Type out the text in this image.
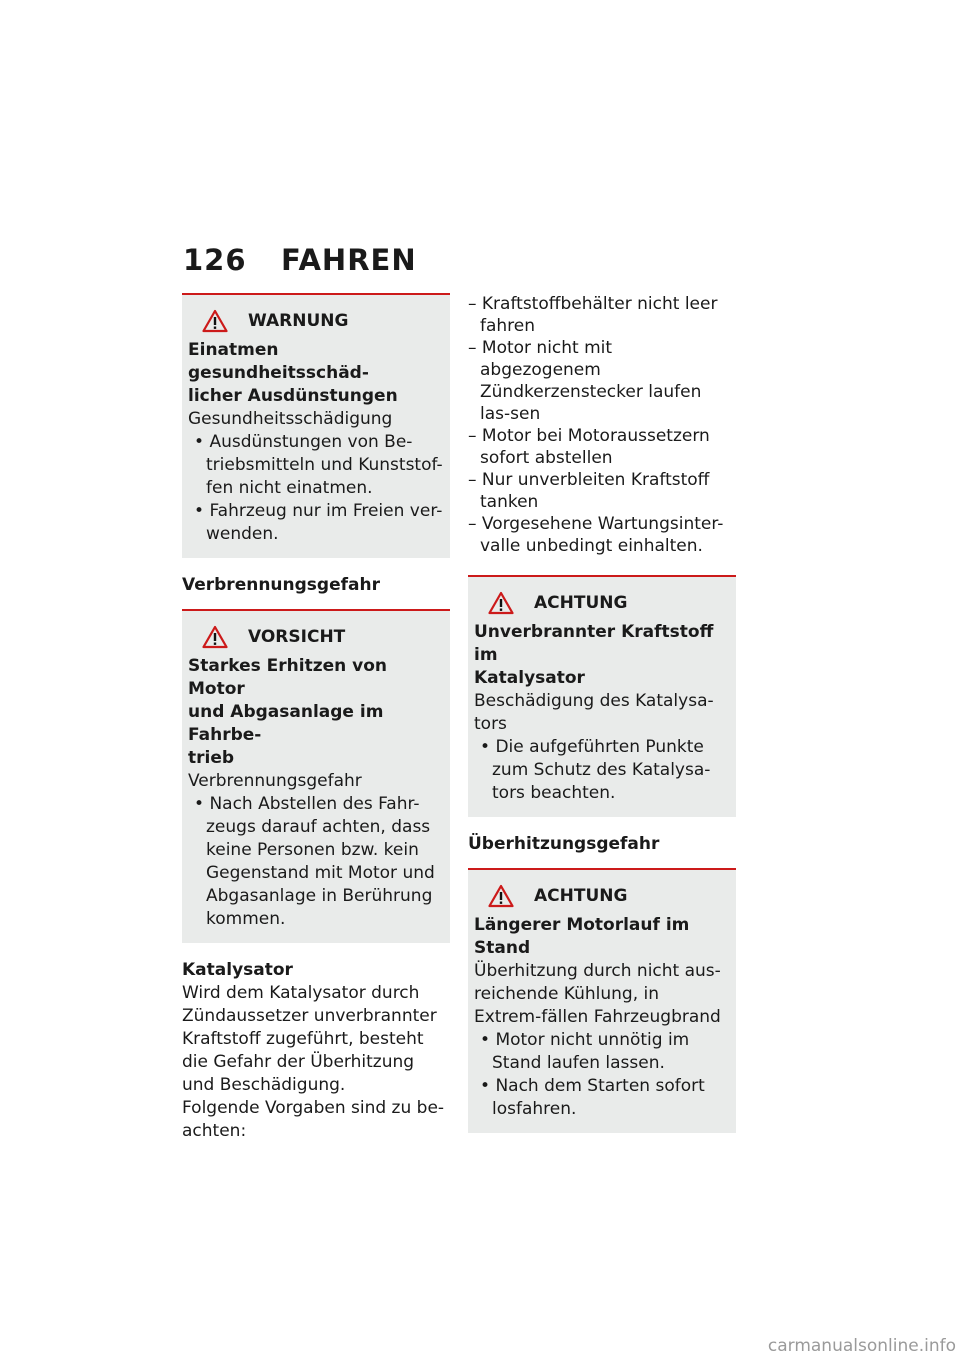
126 FAHREN
WARNUNG
Einatmen gesundheitsschäd-
licher Ausdünstungen
Gesundheitsschädigung
• Ausdünstungen von Be-triebsmitteln und Kunststof-fen nicht einatmen.
• Fahrzeug nur im Freien ver-wenden.
Verbrennungsgefahr
VORSICHT
Starkes Erhitzen von Motor
und Abgasanlage im Fahrbe-
trieb
Verbrennungsgefahr
• Nach Abstellen des Fahr-zeugs darauf achten, dass keine Personen bzw. kein Gegenstand mit Motor und Abgasanlage in Berührung kommen.
Katalysator
Wird dem Katalysator durch Zündaussetzer unverbrannter Kraftstoff zugeführt, besteht die Gefahr der Überhitzung und Beschädigung.
Folgende Vorgaben sind zu be-achten:
– Kraftstoffbehälter nicht leer fahren
– Motor nicht mit abgezogenem Zündkerzenstecker laufen las-sen
– Motor bei Motoraussetzern sofort abstellen
– Nur unverbleiten Kraftstoff tanken
– Vorgesehene Wartungsinter-valle unbedingt einhalten.
ACHTUNG
Unverbrannter Kraftstoff im
Katalysator
Beschädigung des Katalysa-tors
• Die aufgeführten Punkte zum Schutz des Katalysa-tors beachten.
Überhitzungsgefahr
ACHTUNG
Längerer Motorlauf im Stand
Überhitzung durch nicht aus-reichende Kühlung, in Extrem-fällen Fahrzeugbrand
• Motor nicht unnötig im Stand laufen lassen.
• Nach dem Starten sofort losfahren.
carmanualsonline.info
